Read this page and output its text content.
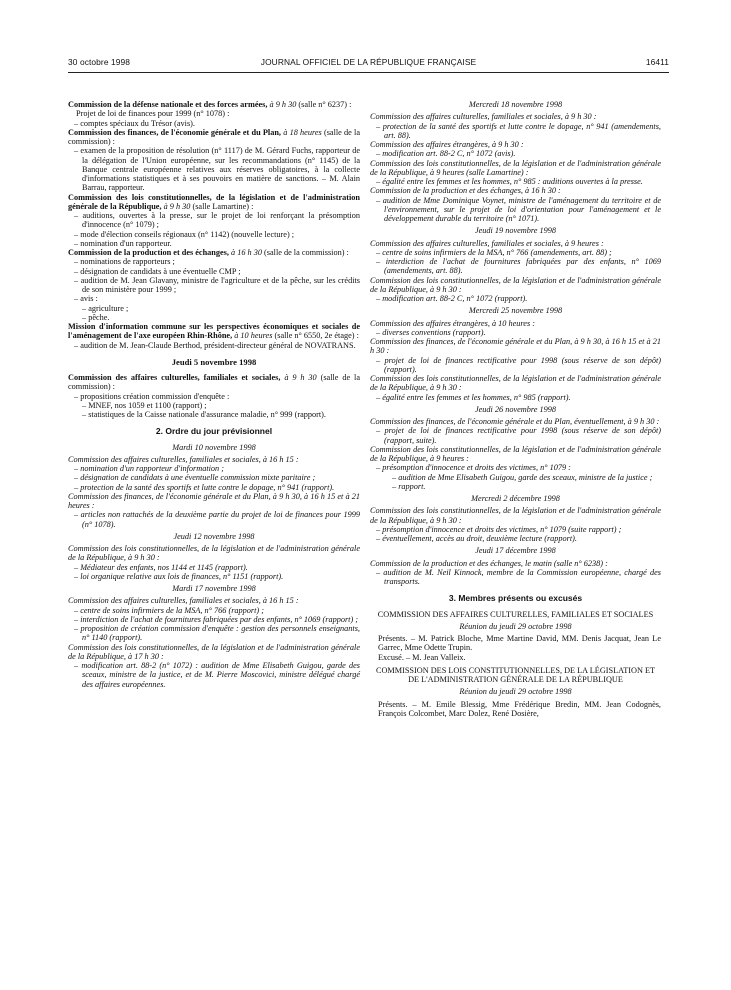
30 octobre 1998	JOURNAL OFFICIEL DE LA RÉPUBLIQUE FRANÇAISE	16411

Commission de la défense nationale et des forces armées, à 9 h 30 (salle n° 6237) :

Projet de loi de finances pour 1999 (n° 1078) :

– comptes spéciaux du Trésor (avis).

Commission des finances, de l'économie générale et du Plan, à 18 heures (salle de la commission) :

– examen de la proposition de résolution (n° 1117) de M. Gérard Fuchs, rapporteur de la délégation de l'Union européenne, sur les recommandations (n° 1145) de la Banque centrale européenne relatives aux réserves obligatoires, à la collecte d'informations statistiques et à ses pouvoirs en matière de sanctions. – M. Alain Barrau, rapporteur.

Commission des lois constitutionnelles, de la législation et de l'administration générale de la République, à 9 h 30 (salle Lamartine) :

– auditions, ouvertes à la presse, sur le projet de loi renforçant la présomption d'innocence (n° 1079) ;

– mode d'élection conseils régionaux (n° 1142) (nouvelle lecture) ;

– nomination d'un rapporteur.

Commission de la production et des échanges, à 16 h 30 (salle de la commission) :

– nominations de rapporteurs ;

– désignation de candidats à une éventuelle CMP ;

– audition de M. Jean Glavany, ministre de l'agriculture et de la pêche, sur les crédits de son ministère pour 1999 ;

– avis :

– agriculture ;

– pêche.

Mission d'information commune sur les perspectives économiques et sociales de l'aménagement de l'axe européen Rhin-Rhône, à 10 heures (salle n° 6550, 2e étage) :

– audition de M. Jean-Claude Berthod, président-directeur général de NOVATRANS.

Jeudi 5 novembre 1998

Commission des affaires culturelles, familiales et sociales, à 9 h 30 (salle de la commission) :

– propositions création commission d'enquête :

– MNEF, nos 1059 et 1100 (rapport) ;

– statistiques de la Caisse nationale d'assurance maladie, n° 999 (rapport).

2. Ordre du jour prévisionnel

Mardi 10 novembre 1998

Commission des affaires culturelles, familiales et sociales, à 16 h 15 :

– nomination d'un rapporteur d'information ;

– désignation de candidats à une éventuelle commission mixte paritaire ;

– protection de la santé des sportifs et lutte contre le dopage, n° 941 (rapport).

Commission des finances, de l'économie générale et du Plan, à 9 h 30, à 16 h 15 et à 21 heures :

– articles non rattachés de la deuxième partie du projet de loi de finances pour 1999 (n° 1078).

Jeudi 12 novembre 1998

Commission des lois constitutionnelles, de la législation et de l'administration générale de la République, à 9 h 30 :

– Médiateur des enfants, nos 1144 et 1145 (rapport).

– loi organique relative aux lois de finances, n° 1151 (rapport).

Mardi 17 novembre 1998

Commission des affaires culturelles, familiales et sociales, à 16 h 15 :

– centre de soins infirmiers de la MSA, n° 766 (rapport) ;

– interdiction de l'achat de fournitures fabriquées par des enfants, n° 1069 (rapport) ;

– proposition de création commission d'enquête : gestion des personnels enseignants, n° 1140 (rapport).

Commission des lois constitutionnelles, de la législation et de l'administration générale de la République, à 17 h 30 :

– modification art. 88-2 (n° 1072) : audition de Mme Elisabeth Guigou, garde des sceaux, ministre de la justice, et de M. Pierre Moscovici, ministre délégué chargé des affaires européennes.

Mercredi 18 novembre 1998

Commission des affaires culturelles, familiales et sociales, à 9 h 30 :

– protection de la santé des sportifs et lutte contre le dopage, n° 941 (amendements, art. 88).

Commission des affaires étrangères, à 9 h 30 :

– modification art. 88-2 C, n° 1072 (avis).

Commission des lois constitutionnelles, de la législation et de l'administration générale de la République, à 9 heures (salle Lamartine) :

– égalité entre les femmes et les hommes, n° 985 : auditions ouvertes à la presse.

Commission de la production et des échanges, à 16 h 30 :

– audition de Mme Dominique Voynet, ministre de l'aménagement du territoire et de l'environnement, sur le projet de loi d'orientation pour l'aménagement et le développement durable du territoire (n° 1071).

Jeudi 19 novembre 1998

Commission des affaires culturelles, familiales et sociales, à 9 heures :

– centre de soins infirmiers de la MSA, n° 766 (amendements, art. 88) ;

– interdiction de l'achat de fournitures fabriquées par des enfants, n° 1069 (amendements, art. 88).

Commission des lois constitutionnelles, de la législation et de l'administration générale de la République, à 9 h 30 :

– modification art. 88-2 C, n° 1072 (rapport).

Mercredi 25 novembre 1998

Commission des affaires étrangères, à 10 heures :

– diverses conventions (rapport).

Commission des finances, de l'économie générale et du Plan, à 9 h 30, à 16 h 15 et à 21 h 30 :

– projet de loi de finances rectificative pour 1998 (sous réserve de son dépôt) (rapport).

Commission des lois constitutionnelles, de la législation et de l'administration générale de la République, à 9 h 30 :

– égalité entre les femmes et les hommes, n° 985 (rapport).

Jeudi 26 novembre 1998

Commission des finances, de l'économie générale et du Plan, éventuellement, à 9 h 30 :

– projet de loi de finances rectificative pour 1998 (sous réserve de son dépôt) (rapport, suite).

Commission des lois constitutionnelles, de la législation et de l'administration générale de la République, à 9 heures :

– présomption d'innocence et droits des victimes, n° 1079 :

– audition de Mme Elisabeth Guigou, garde des sceaux, ministre de la justice ;

– rapport.

Mercredi 2 décembre 1998

Commission des lois constitutionnelles, de la législation et de l'administration générale de la République, à 9 h 30 :

– présomption d'innocence et droits des victimes, n° 1079 (suite rapport) ;

– éventuellement, accès au droit, deuxième lecture (rapport).

Jeudi 17 décembre 1998

Commission de la production et des échanges, le matin (salle n° 6238) :

– audition de M. Neil Kinnock, membre de la Commission européenne, chargé des transports.

3. Membres présents ou excusés

COMMISSION DES AFFAIRES CULTURELLES, FAMILIALES ET SOCIALES

Réunion du jeudi 29 octobre 1998

Présents. – M. Patrick Bloche, Mme Martine David, MM. Denis Jacquat, Jean Le Garrec, Mme Odette Trupin.

Excusé. – M. Jean Valleix.

COMMISSION DES LOIS CONSTITUTIONNELLES, DE LA LÉGISLATION ET DE L'ADMINISTRATION GÉNÉRALE DE LA RÉPUBLIQUE

Réunion du jeudi 29 octobre 1998

Présents. – M. Emile Blessig, Mme Frédérique Bredin, MM. Jean Codognès, François Colcombet, Marc Dolez, René Dosière,
